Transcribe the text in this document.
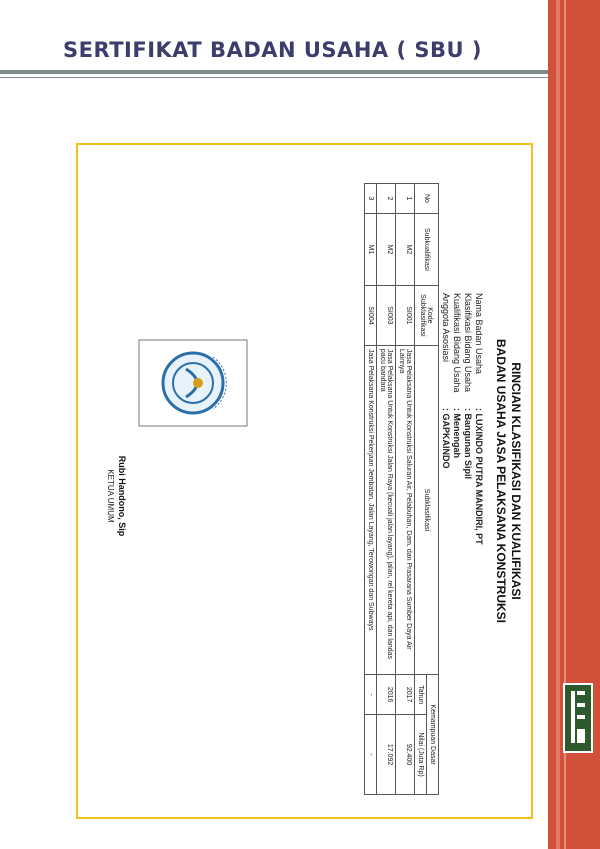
SERTIFIKAT BADAN USAHA ( SBU )
RINCIAN KLASIFIKASI DAN KUALIFIKASI
BADAN USAHA JASA PELAKSANA KONSTRUKSI
Nama Badan Usaha: LUXINDO PUTRA MANDIRI, PT
Klasifikasi Bidang Usaha: Bangunan Sipil
Kualifikasi Bidang Usaha: Menengah
Anggota Asosiasi: GAPKAINDO
No	Subkualifikasi	Kode Subklasifikasi	Subklasifikasi	Kemampuan Dasar	
				Tahun	Nilai (Juta Rp)
1	M2	SI001	Jasa Pelaksana Untuk Konstruksi Saluran Air, Pelabuhan, Dam, dan Prasarana Sumber Daya Air Lainnya	2017	92.400
2	M2	SI003	Jasa Pelaksana Untuk Konstruksi Jalan Raya (kecuali jalan layang), jalan, rel kereta api, dan landas pacu bandara	2016	17.092
3	M1	SI004	Jasa Pelaksana Konstruksi Pekerjaan Jembatan, Jalan Layang, Terowongan dan Subways	-	-
Rubi Handono, Sip
KETUA UMUM
